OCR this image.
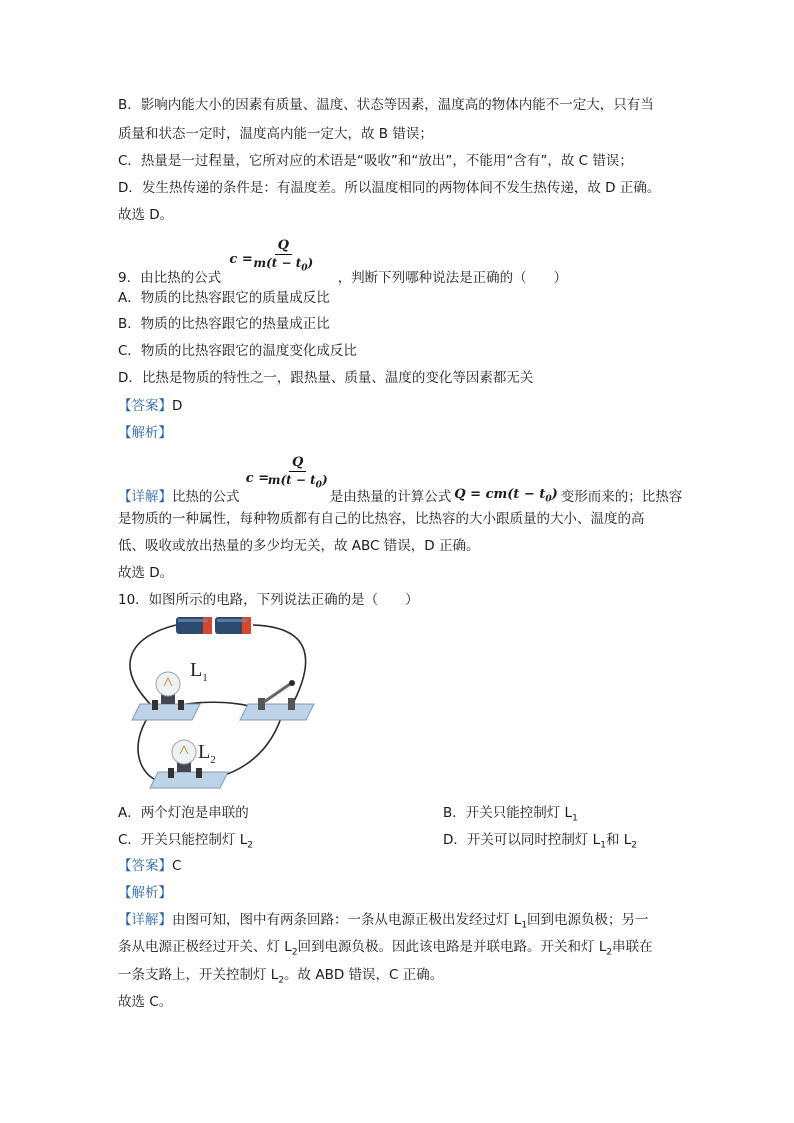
B．影响内能大小的因素有质量、温度、状态等因素，温度高的物体内能不一定大，只有当
质量和状态一定时，温度高内能一定大，故 B 错误；
C．热量是一过程量，它所对应的术语是“吸收”和“放出”，不能用“含有”，故 C 错误；
D．发生热传递的条件是：有温度差。所以温度相同的两物体间不发生热传递，故 D 正确。
故选 D。
9．由比热的公式
$c = \frac{Q}{m(t - t_0)}$
，判断下列哪种说法是正确的（　　）
A．物质的比热容跟它的质量成反比
B．物质的比热容跟它的热量成正比
C．物质的比热容跟它的温度变化成反比
D．比热是物质的特性之一，跟热量、质量、温度的变化等因素都无关
【答案】D
【解析】
【详解】比热的公式
c =
$\frac{Q}{m(t - t_0)}$
是由热量的计算公式 $Q = cm(t - t_0)$ 变形而来的；比热容
是物质的一种属性，每种物质都有自己的比热容，比热容的大小跟质量的大小、温度的高
低、吸收或放出热量的多少均无关，故 ABC 错误，D 正确。
故选 D。
10．如图所示的电路，下列说法正确的是（　　）
$L_1$
$L_2$
A．两个灯泡是串联的	B．开关只能控制灯 $L_1$
C．开关只能控制灯 $L_2$	D．开关可以同时控制灯 $L_1$和 $L_2$
【答案】C
【解析】
【详解】由图可知，图中有两条回路：一条从电源正极出发经过灯 $L_1$回到电源负极；另一
条从电源正极经过开关、灯 $L_2$回到电源负极。因此该电路是并联电路。开关和灯 $L_2$串联在
一条支路上，开关控制灯 $L_2$。故 ABD 错误，C 正确。
故选 C。
